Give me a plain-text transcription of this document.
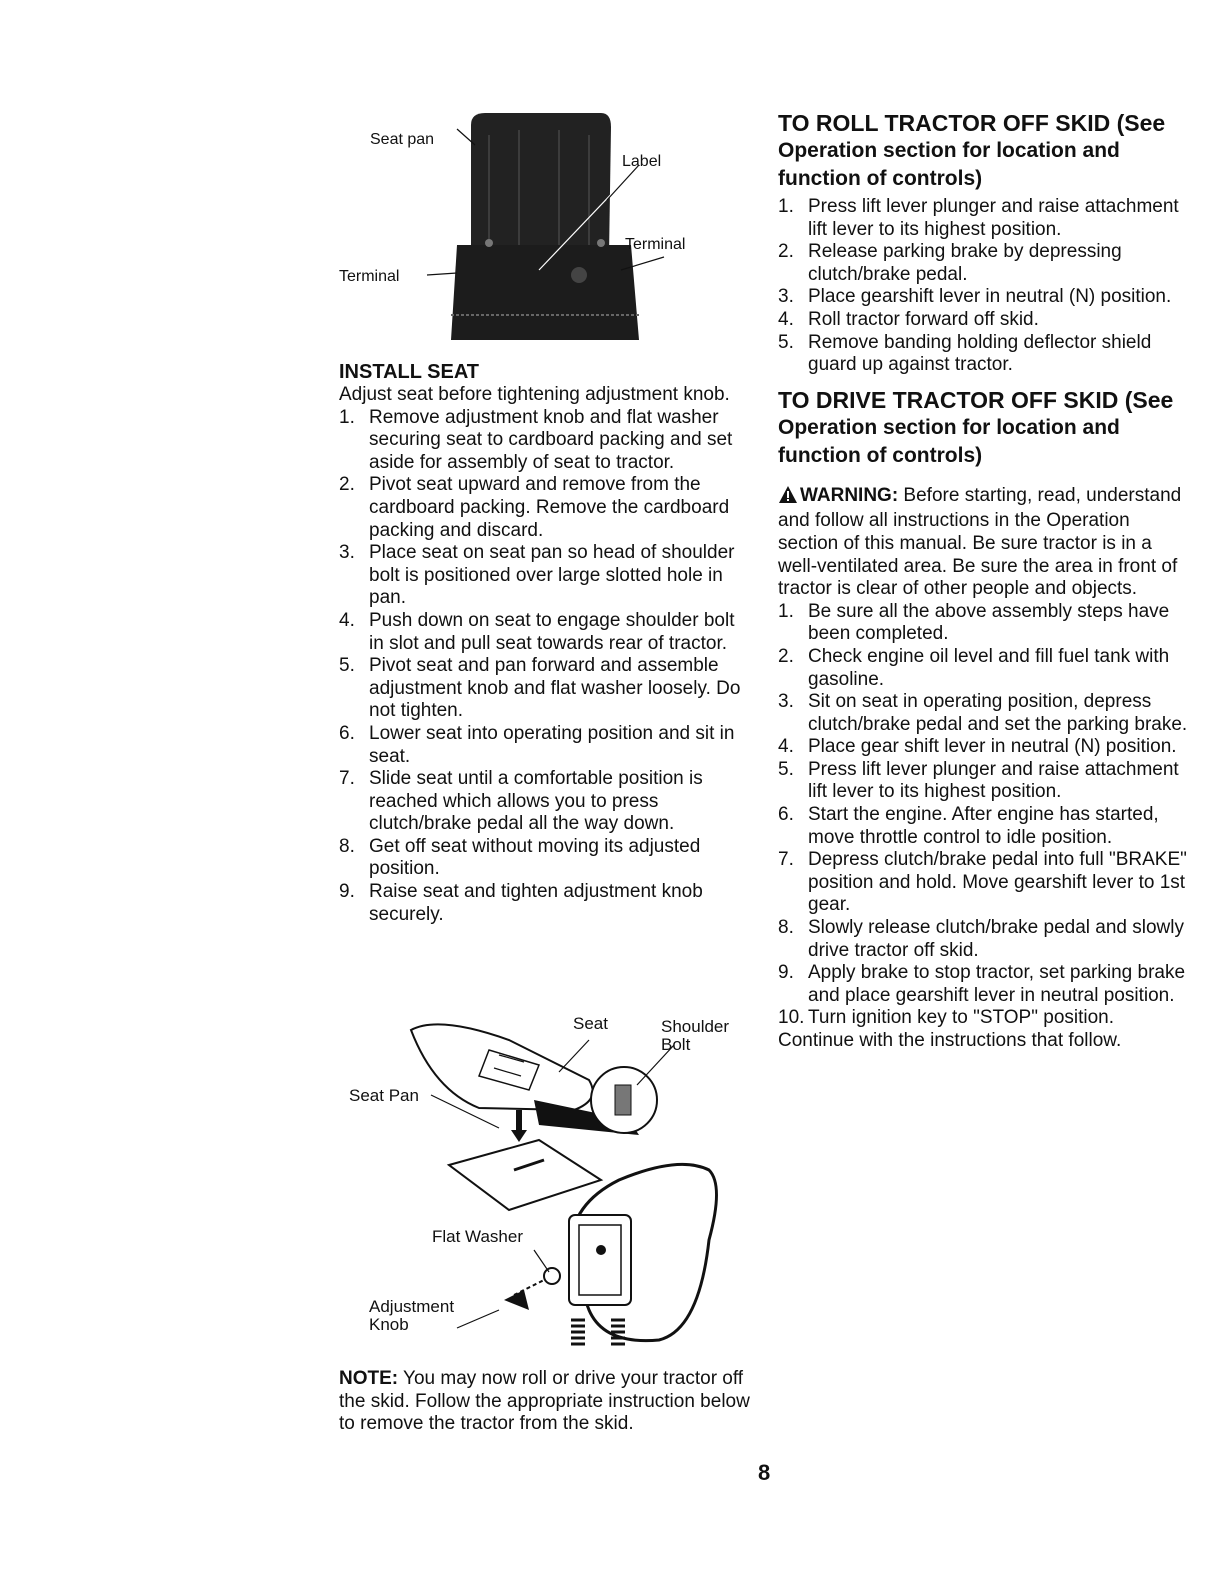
Seat pan
Label
Terminal
Terminal
INSTALL SEAT

Adjust seat before tightening adjustment knob.

1. Remove adjustment knob and flat washer securing seat to cardboard packing and set aside for assembly of seat to tractor.
2. Pivot seat upward and remove from the cardboard packing. Remove the cardboard packing and discard.
3. Place seat on seat pan so head of shoulder bolt is positioned over large slotted hole in pan.
4. Push down on seat to engage shoulder bolt in slot and pull seat towards rear of tractor.
5. Pivot seat and pan forward and assemble adjustment knob and flat washer loosely. Do not tighten.
6. Lower seat into operating position and sit in seat.
7. Slide seat until a comfortable position is reached which allows you to press clutch/brake pedal all the way down.
8. Get off seat without moving its adjusted position.
9. Raise seat and tighten adjustment knob securely.
Seat	Shoulder Bolt
Seat Pan
Flat Washer
Adjustment Knob

NOTE: You may now roll or drive your tractor off the skid. Follow the appropriate instruction below to remove the tractor from the skid.

TO ROLL TRACTOR OFF SKID (See
Operation section for location and function of controls)
1. Press lift lever plunger and raise attachment lift lever to its highest position.
2. Release parking brake by depressing clutch/brake pedal.
3. Place gearshift lever in neutral (N) position.
4. Roll tractor forward off skid.
5. Remove banding holding deflector shield guard up against tractor.
TO DRIVE TRACTOR OFF SKID (See
Operation section for location and function of controls)

WARNING: Before starting, read, understand and follow all instructions in the Operation section of this manual. Be sure tractor is in a well-ventilated area. Be sure the area in front of tractor is clear of other people and objects.

1. Be sure all the above assembly steps have been completed.
2. Check engine oil level and fill fuel tank with gasoline.
3. Sit on seat in operating position, depress clutch/brake pedal and set the parking brake.
4. Place gear shift lever in neutral (N) position.
5. Press lift lever plunger and raise attachment lift lever to its highest position.
6. Start the engine. After engine has started, move throttle control to idle position.
7. Depress clutch/brake pedal into full "BRAKE" position and hold. Move gearshift lever to 1st gear.
8. Slowly release clutch/brake pedal and slowly drive tractor off skid.
9. Apply brake to stop tractor, set parking brake and place gearshift lever in neutral position.
10. Turn ignition key to "STOP" position.

Continue with the instructions that follow.

8
